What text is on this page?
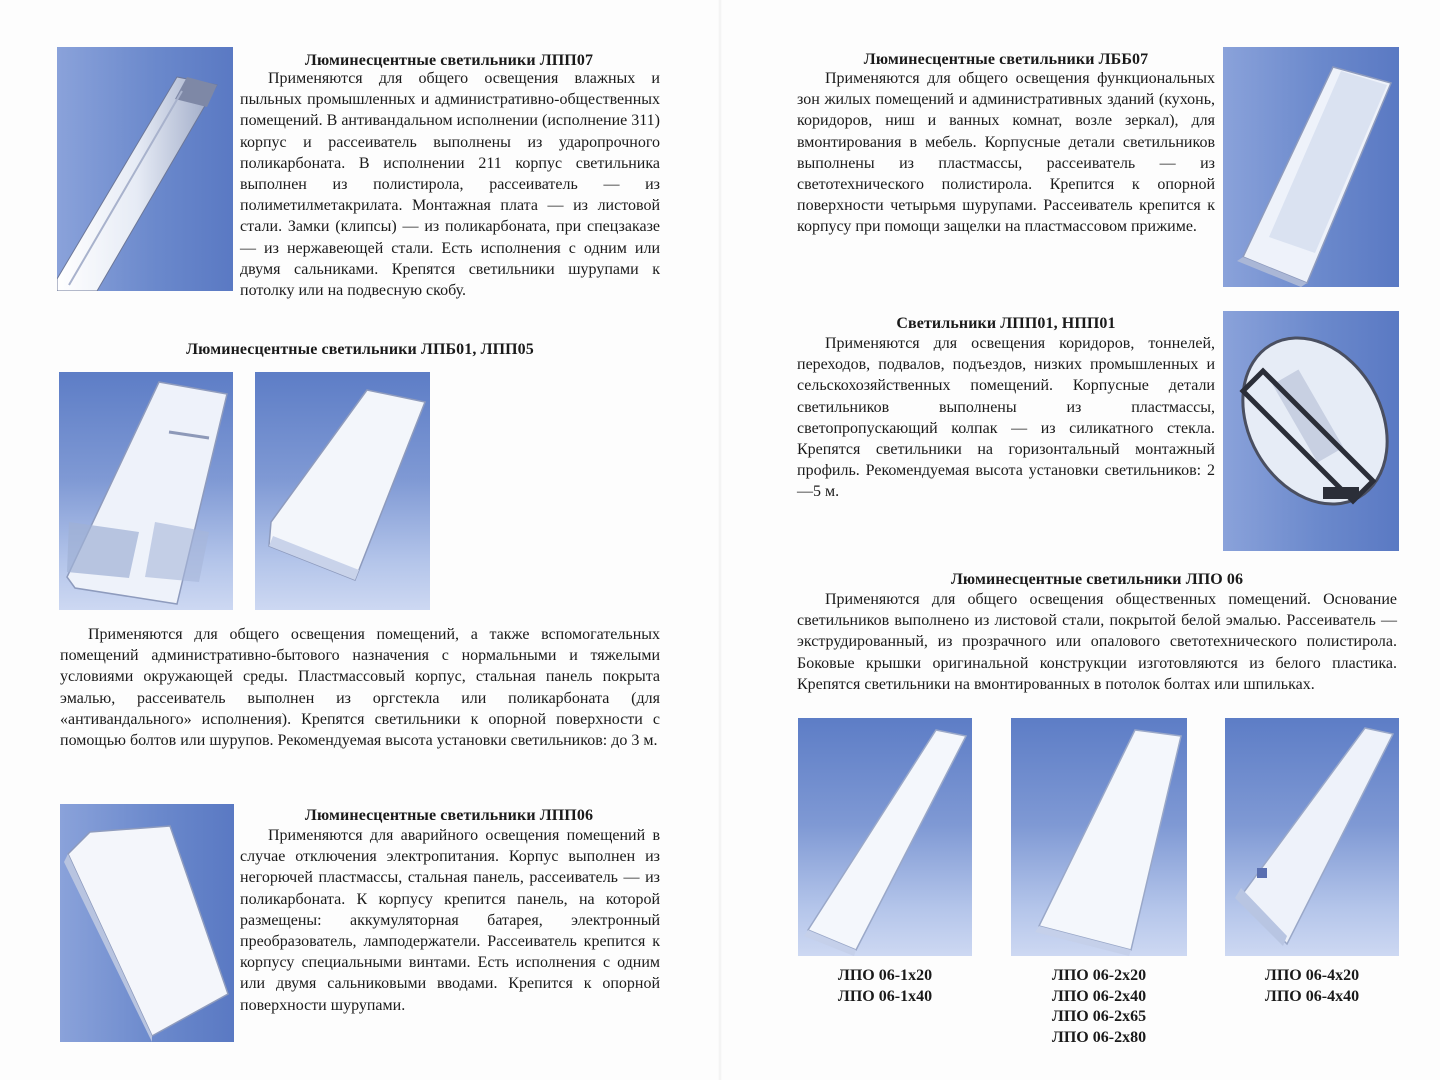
Люминесцентные светильники ЛПП07

Применяются для общего освещения влажных и пыльных промышленных и административно-общественных помещений. В антивандальном исполнении (исполнение 311) корпус и рассеиватель выполнены из ударопрочного поликарбоната. В исполнении 211 корпус светильника выполнен из полистирола, рассеиватель — из полиметилметакрилата. Монтажная плата — из листовой стали. Замки (клипсы) — из поликарбоната, при спецзаказе — из нержавеющей стали. Есть исполнения с одним или двумя сальниками. Крепятся светильники шурупами к потолку или на подвесную скобу.

Люминесцентные светильники ЛПБ01, ЛПП05

Применяются для общего освещения помещений, а также вспомогательных помещений административно-бытового назначения с нормальными и тяжелыми условиями окружающей среды. Пластмассовый корпус, стальная панель покрыта эмалью, рассеиватель выполнен из оргстекла или поликарбоната (для «антивандального» исполнения). Крепятся светильники к опорной поверхности с помощью болтов или шурупов. Рекомендуемая высота установки светильников: до 3 м.

Люминесцентные светильники ЛПП06

Применяются для аварийного освещения помещений в случае отключения электропитания. Корпус выполнен из негорючей пластмассы, стальная панель, рассеиватель — из поликарбоната. К корпусу крепится панель, на которой размещены: аккумуляторная батарея, электронный преобразователь, ламподержатели. Рассеиватель крепится к корпусу специальными винтами. Есть исполнения с одним или двумя сальниковыми вводами. Крепится к опорной поверхности шурупами.

Люминесцентные светильники ЛББ07

Применяются для общего освещения функциональных зон жилых помещений и административных зданий (кухонь, коридоров, ниш и ванных комнат, возле зеркал), для вмонтирования в мебель. Корпусные детали светильников выполнены из пластмассы, рассеиватель — из светотехнического полистирола. Крепится к опорной поверхности четырьмя шурупами. Рассеиватель крепится к корпусу при помощи защелки на пластмассовом прижиме.

Светильники ЛПП01, НПП01

Применяются для освещения коридоров, тоннелей, переходов, подвалов, подъездов, низких промышленных и сельскохозяйственных помещений. Корпусные детали светильников выполнены из пластмассы, светопропускающий колпак — из силикатного стекла. Крепятся светильники на горизонтальный монтажный профиль. Рекомендуемая высота установки светильников: 2—5 м.

Люминесцентные светильники ЛПО 06

Применяются для общего освещения общественных помещений. Основание светильников выполнено из листовой стали, покрытой белой эмалью. Рассеиватель — экструдированный, из прозрачного или опалового светотехнического полистирола. Боковые крышки оригинальной конструкции изготовляются из белого пластика. Крепятся светильники на вмонтированных в потолок болтах или шпильках.

ЛПО 06-1х20
ЛПО 06-1х40
ЛПО 06-2х20
ЛПО 06-2х40
ЛПО 06-2х65
ЛПО 06-2х80
ЛПО 06-4х20
ЛПО 06-4х40
